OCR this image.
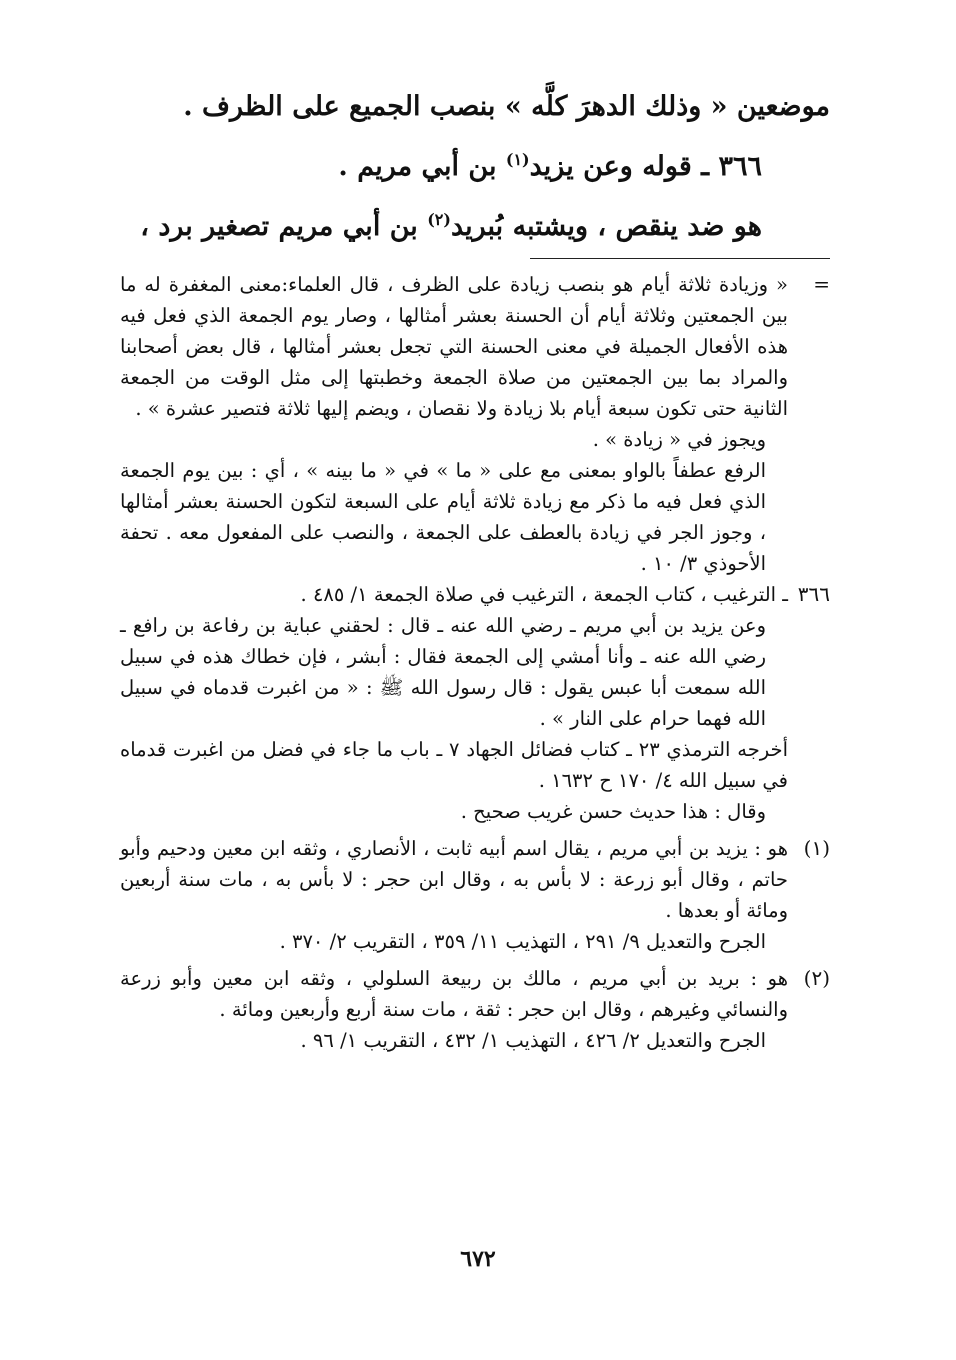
موضعين « وذلك الدهرَ كلَّه » بنصب الجميع على الظرف .

٣٦٦ ـ قوله وعن يزيد$^{(١)}$ بن أبي مريم .

هو ضد ينقص ، ويشتبه بُبريد$^{(٢)}$ بن أبي مريم تصغير برد ،

=

« وزيادة ثلاثة أيام هو بنصب زيادة على الظرف ، قال العلماء:معنى المغفرة له ما بين الجمعتين وثلاثة أيام أن الحسنة بعشر أمثالها ، وصار يوم الجمعة الذي فعل فيه هذه الأفعال الجميلة في معنى الحسنة التي تجعل بعشر أمثالها ، قال بعض أصحابنا والمراد بما بين الجمعتين من صلاة الجمعة وخطبتها إلى مثل الوقت من الجمعة الثانية حتى تكون سبعة أيام بلا زيادة ولا نقصان ، ويضم إليها ثلاثة فتصير عشرة » .

ويجوز في « زيادة » .

الرفع عطفاً بالواو بمعنى مع على « ما » في « ما بينه » ، أي : بين يوم الجمعة الذي فعل فيه ما ذكر مع زيادة ثلاثة أيام على السبعة لتكون الحسنة بعشر أمثالها ، وجوز الجر في زيادة بالعطف على الجمعة ، والنصب على المفعول معه . تحفة الأحوذي ٣/ ١٠ .

٣٦٦

ـ الترغيب ، كتاب الجمعة ، الترغيب في صلاة الجمعة ١/ ٤٨٥ .

وعن يزيد بن أبي مريم ـ رضي الله عنه ـ قال : لحقني عباية بن رفاعة بن رافع ـ رضي الله عنه ـ وأنا أمشي إلى الجمعة فقال : أبشر ، فإن خطاك هذه في سبيل الله سمعت أبا عبس يقول : قال رسول الله ﷺ : « من اغبرت قدماه في سبيل الله فهما حرام على النار » .

أخرجه الترمذي ٢٣ ـ كتاب فضائل الجهاد ٧ ـ باب ما جاء في فضل من اغبرت قدماه في سبيل الله ٤/ ١٧٠ ح ١٦٣٢ .

وقال : هذا حديث حسن غريب صحيح .

(١)

هو : يزيد بن أبي مريم ، يقال اسم أبيه ثابت ، الأنصاري ، وثقه ابن معين ودحيم وأبو حاتم ، وقال أبو زرعة : لا بأس به ، وقال ابن حجر : لا بأس به ، مات سنة أربعين ومائة أو بعدها .

الجرح والتعديل ٩/ ٢٩١ ، التهذيب ١١/ ٣٥٩ ، التقريب ٢/ ٣٧٠ .

(٢)

هو : بريد بن أبي مريم ، مالك بن ربيعة السلولي ، وثقه ابن معين وأبو زرعة والنسائي وغيرهم ، وقال ابن حجر : ثقة ، مات سنة أربع وأربعين ومائة .

الجرح والتعديل ٢/ ٤٢٦ ، التهذيب ١/ ٤٣٢ ، التقريب ١/ ٩٦ .

٦٧٢
